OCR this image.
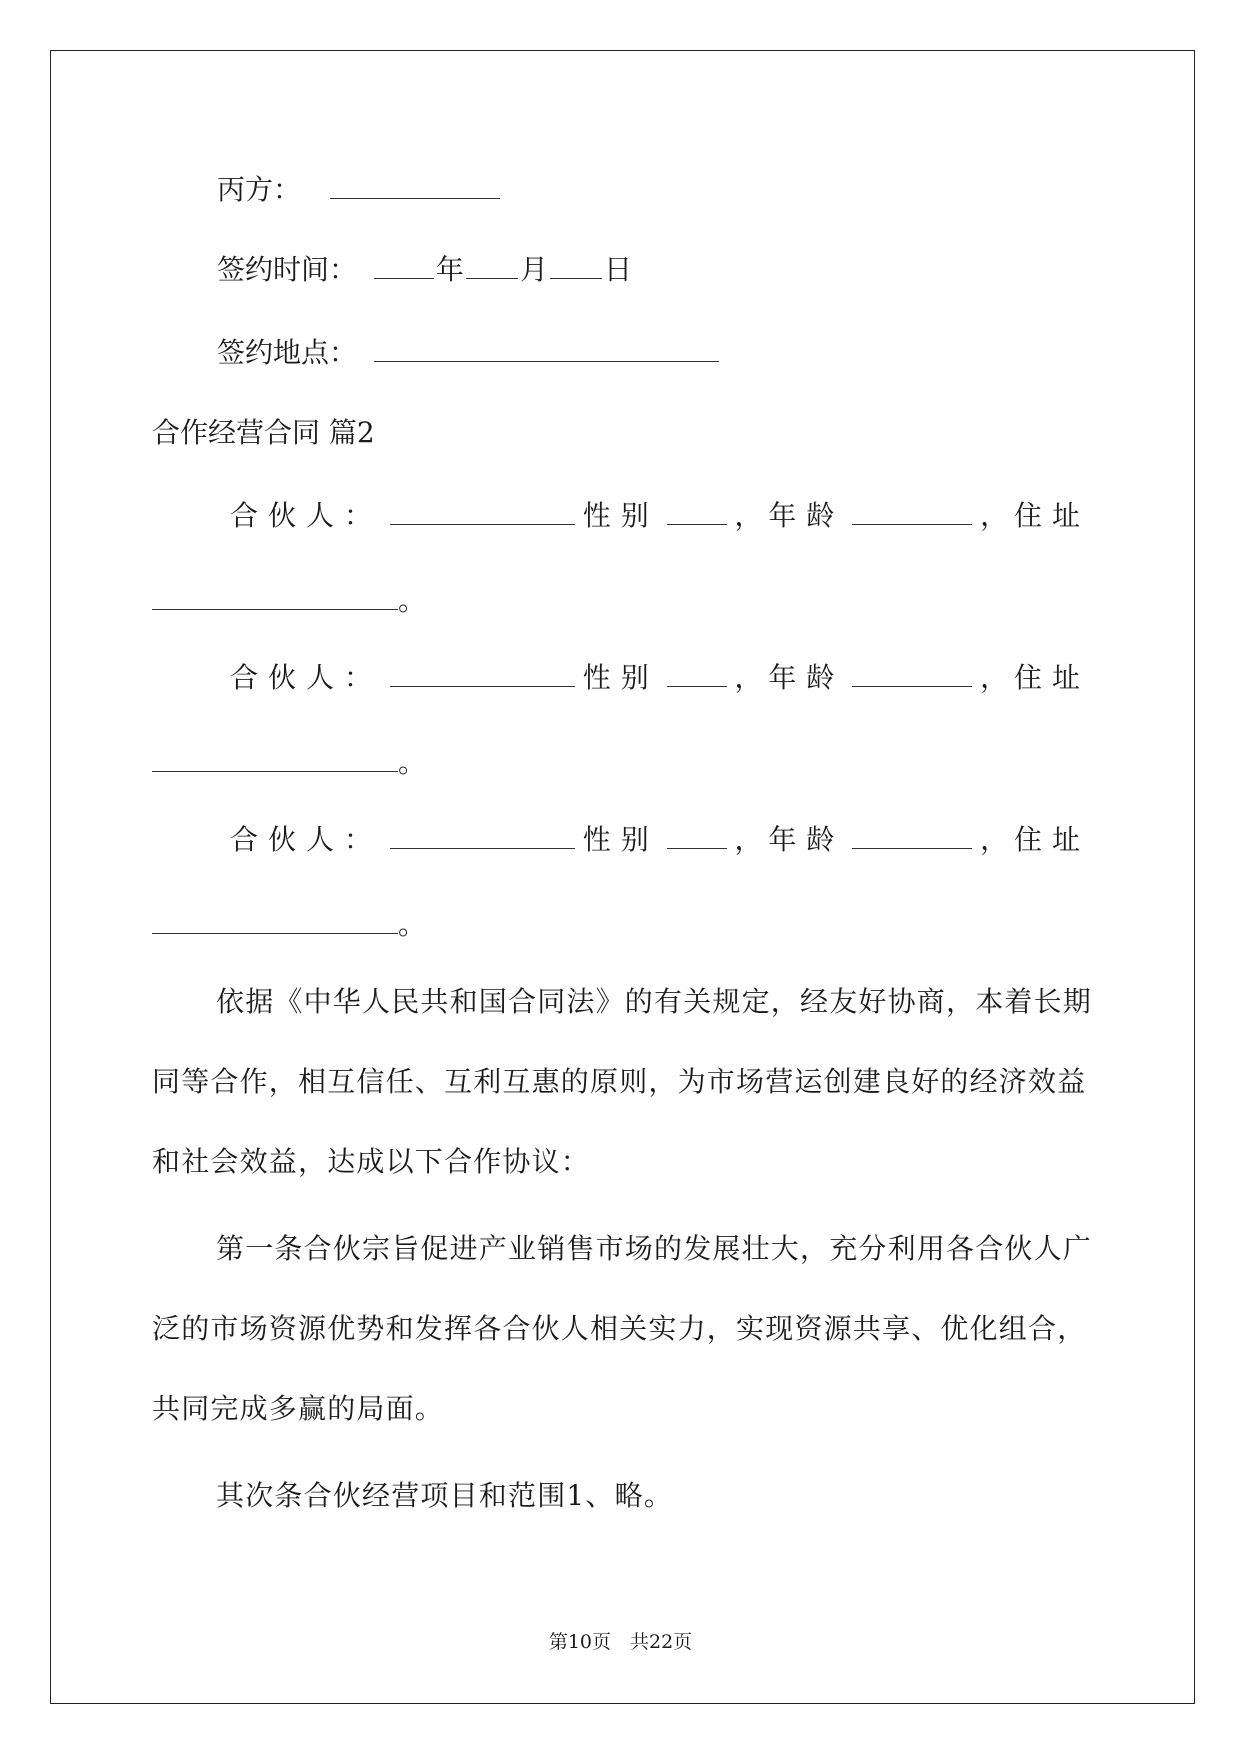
丙方：
签约时间：	年 月 日
签约地点：
合作经营合同 篇2
合伙人：	性别	， 年龄	， 住址
。
合伙人：	性别	， 年龄	， 住址
。
合伙人：	性别	， 年龄	， 住址
。
依据《中华人民共和国合同法》的有关规定，经友好协商，本着长期同等合作，相互信任、互利互惠的原则，为市场营运创建良好的经济效益和社会效益，达成以下合作协议：
第一条合伙宗旨促进产业销售市场的发展壮大，充分利用各合伙人广泛的市场资源优势和发挥各合伙人相关实力，实现资源共享、优化组合，共同完成多赢的局面。
其次条合伙经营项目和范围1、略。
第10页　共22页
